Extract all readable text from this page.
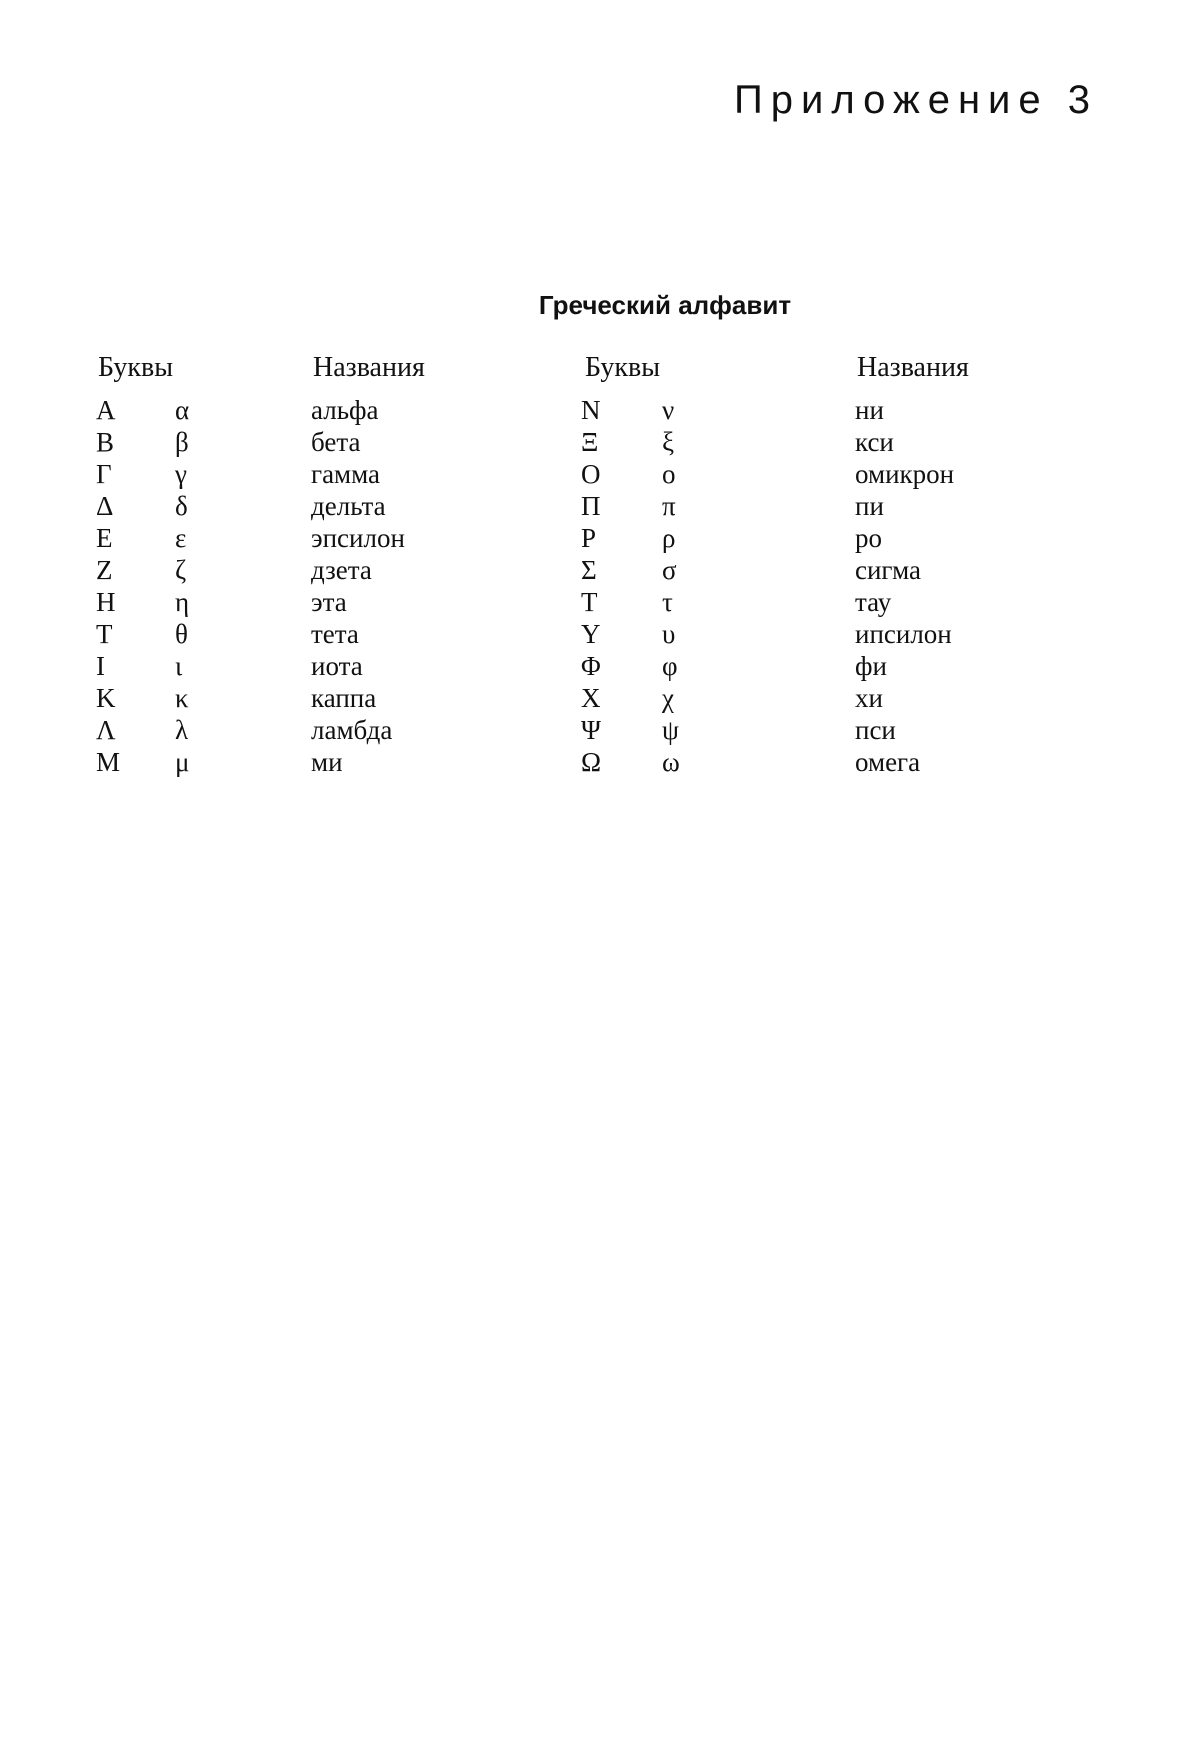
Приложение 3
Греческий алфавит
Буквы	Названия	Буквы	Названия
Α α	альфа	Ν ν	ни
Β β	бета	Ξ ξ	кси
Γ γ	гамма	Ο ο	омикрон
Δ δ	дельта	Π π	пи
Ε ε	эпсилон	Ρ ρ	ро
Ζ ζ	дзета	Σ σ	сигма
Η η	эта	Τ τ	тау
Τ θ	тета	Υ υ	ипсилон
Ι	ι	иота	Φ φ	фи
Κ κ	каппа	Χ χ	хи
Λ λ	ламбда	Ψ ψ	пси
Μ μ	ми	Ω ω	омега
